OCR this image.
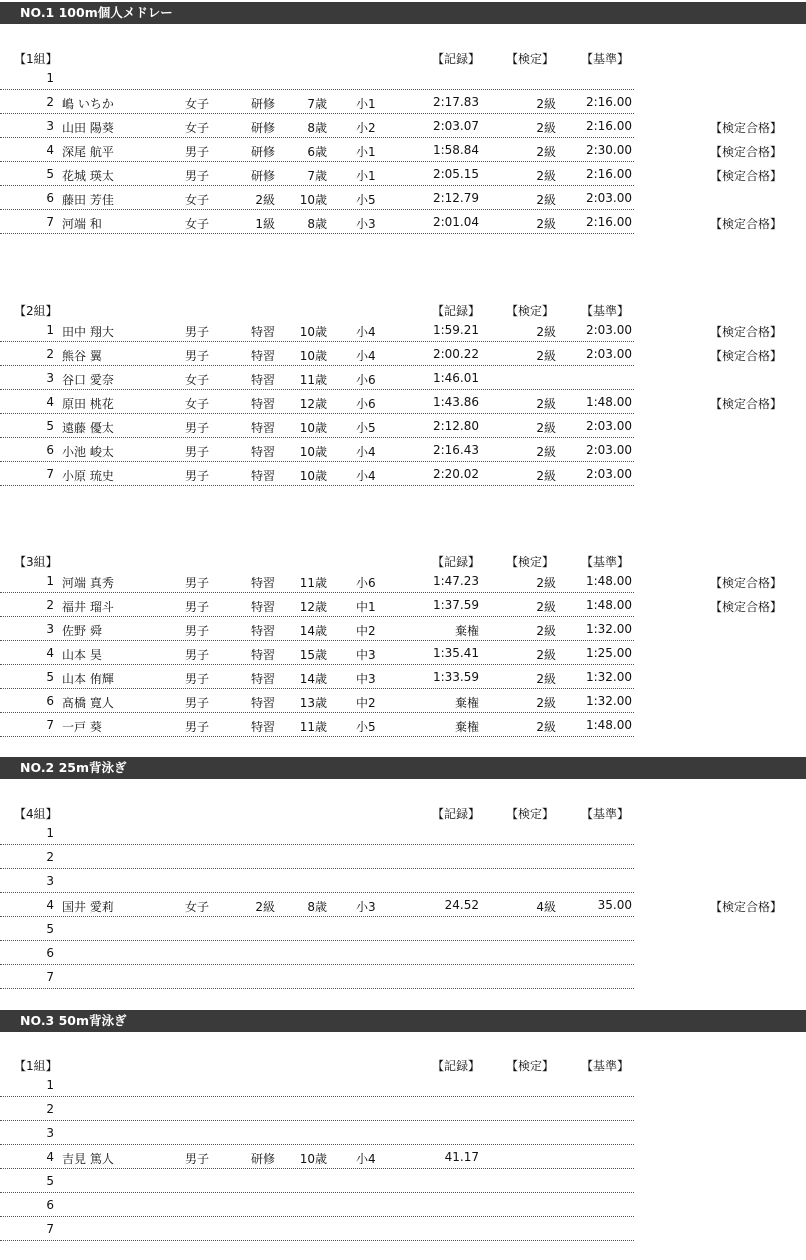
NO.1 100m個人メドレー
【1組】	【記録】 【検定】 【基準】
1
2 嶋 いちか	女子	研修	7歳 小1	2:17.83	2級	2:16.00
3 山田 陽葵	女子	研修	8歳 小2	2:03.07	2級	2:16.00	【検定合格】
4 深尾 航平	男子	研修	6歳 小1	1:58.84	2級	2:30.00	【検定合格】
5 花城 瑛太	男子	研修	7歳 小1	2:05.15	2級	2:16.00	【検定合格】
6 藤田 芳佳	女子	2級	10歳 小5	2:12.79	2級	2:03.00
7 河端 和	女子	1級	8歳 小3	2:01.04	2級	2:16.00	【検定合格】
【2組】	【記録】 【検定】 【基準】
1 田中 翔大	男子	特習	10歳 小4	1:59.21	2級	2:03.00	【検定合格】
2 熊谷 翼	男子	特習	10歳 小4	2:00.22	2級	2:03.00	【検定合格】
3 谷口 愛奈	女子	特習	11歳 小6	1:46.01
4 原田 桃花	女子	特習	12歳 小6	1:43.86	2級	1:48.00	【検定合格】
5 遠藤 優太	男子	特習	10歳 小5	2:12.80	2級	2:03.00
6 小池 峻太	男子	特習	10歳 小4	2:16.43	2級	2:03.00
7 小原 琉史	男子	特習	10歳 小4	2:20.02	2級	2:03.00
【3組】	【記録】 【検定】 【基準】
1 河端 真秀	男子	特習	11歳 小6	1:47.23	2級	1:48.00	【検定合格】
2 福井 瑠斗	男子	特習	12歳 中1	1:37.59	2級	1:48.00	【検定合格】
3 佐野 舜	男子	特習	14歳 中2	棄権	2級	1:32.00
4 山本 昊	男子	特習	15歳 中3	1:35.41	2級	1:25.00
5 山本 侑輝	男子	特習	14歳 中3	1:33.59	2級	1:32.00
6 髙橋 寛人	男子	特習	13歳 中2	棄権	2級	1:32.00
7 一戸 葵	男子	特習	11歳 小5	棄権	2級	1:48.00
NO.2 25m背泳ぎ
【4組】	【記録】 【検定】 【基準】
1
2
3
4 国井 愛莉	女子	2級	8歳 小3	24.52	4級	35.00	【検定合格】
5
6
7
NO.3 50m背泳ぎ
【1組】	【記録】 【検定】 【基準】
1
2
3
4 吉見 篤人	男子	研修	10歳 小4	41.17
5
6
7
